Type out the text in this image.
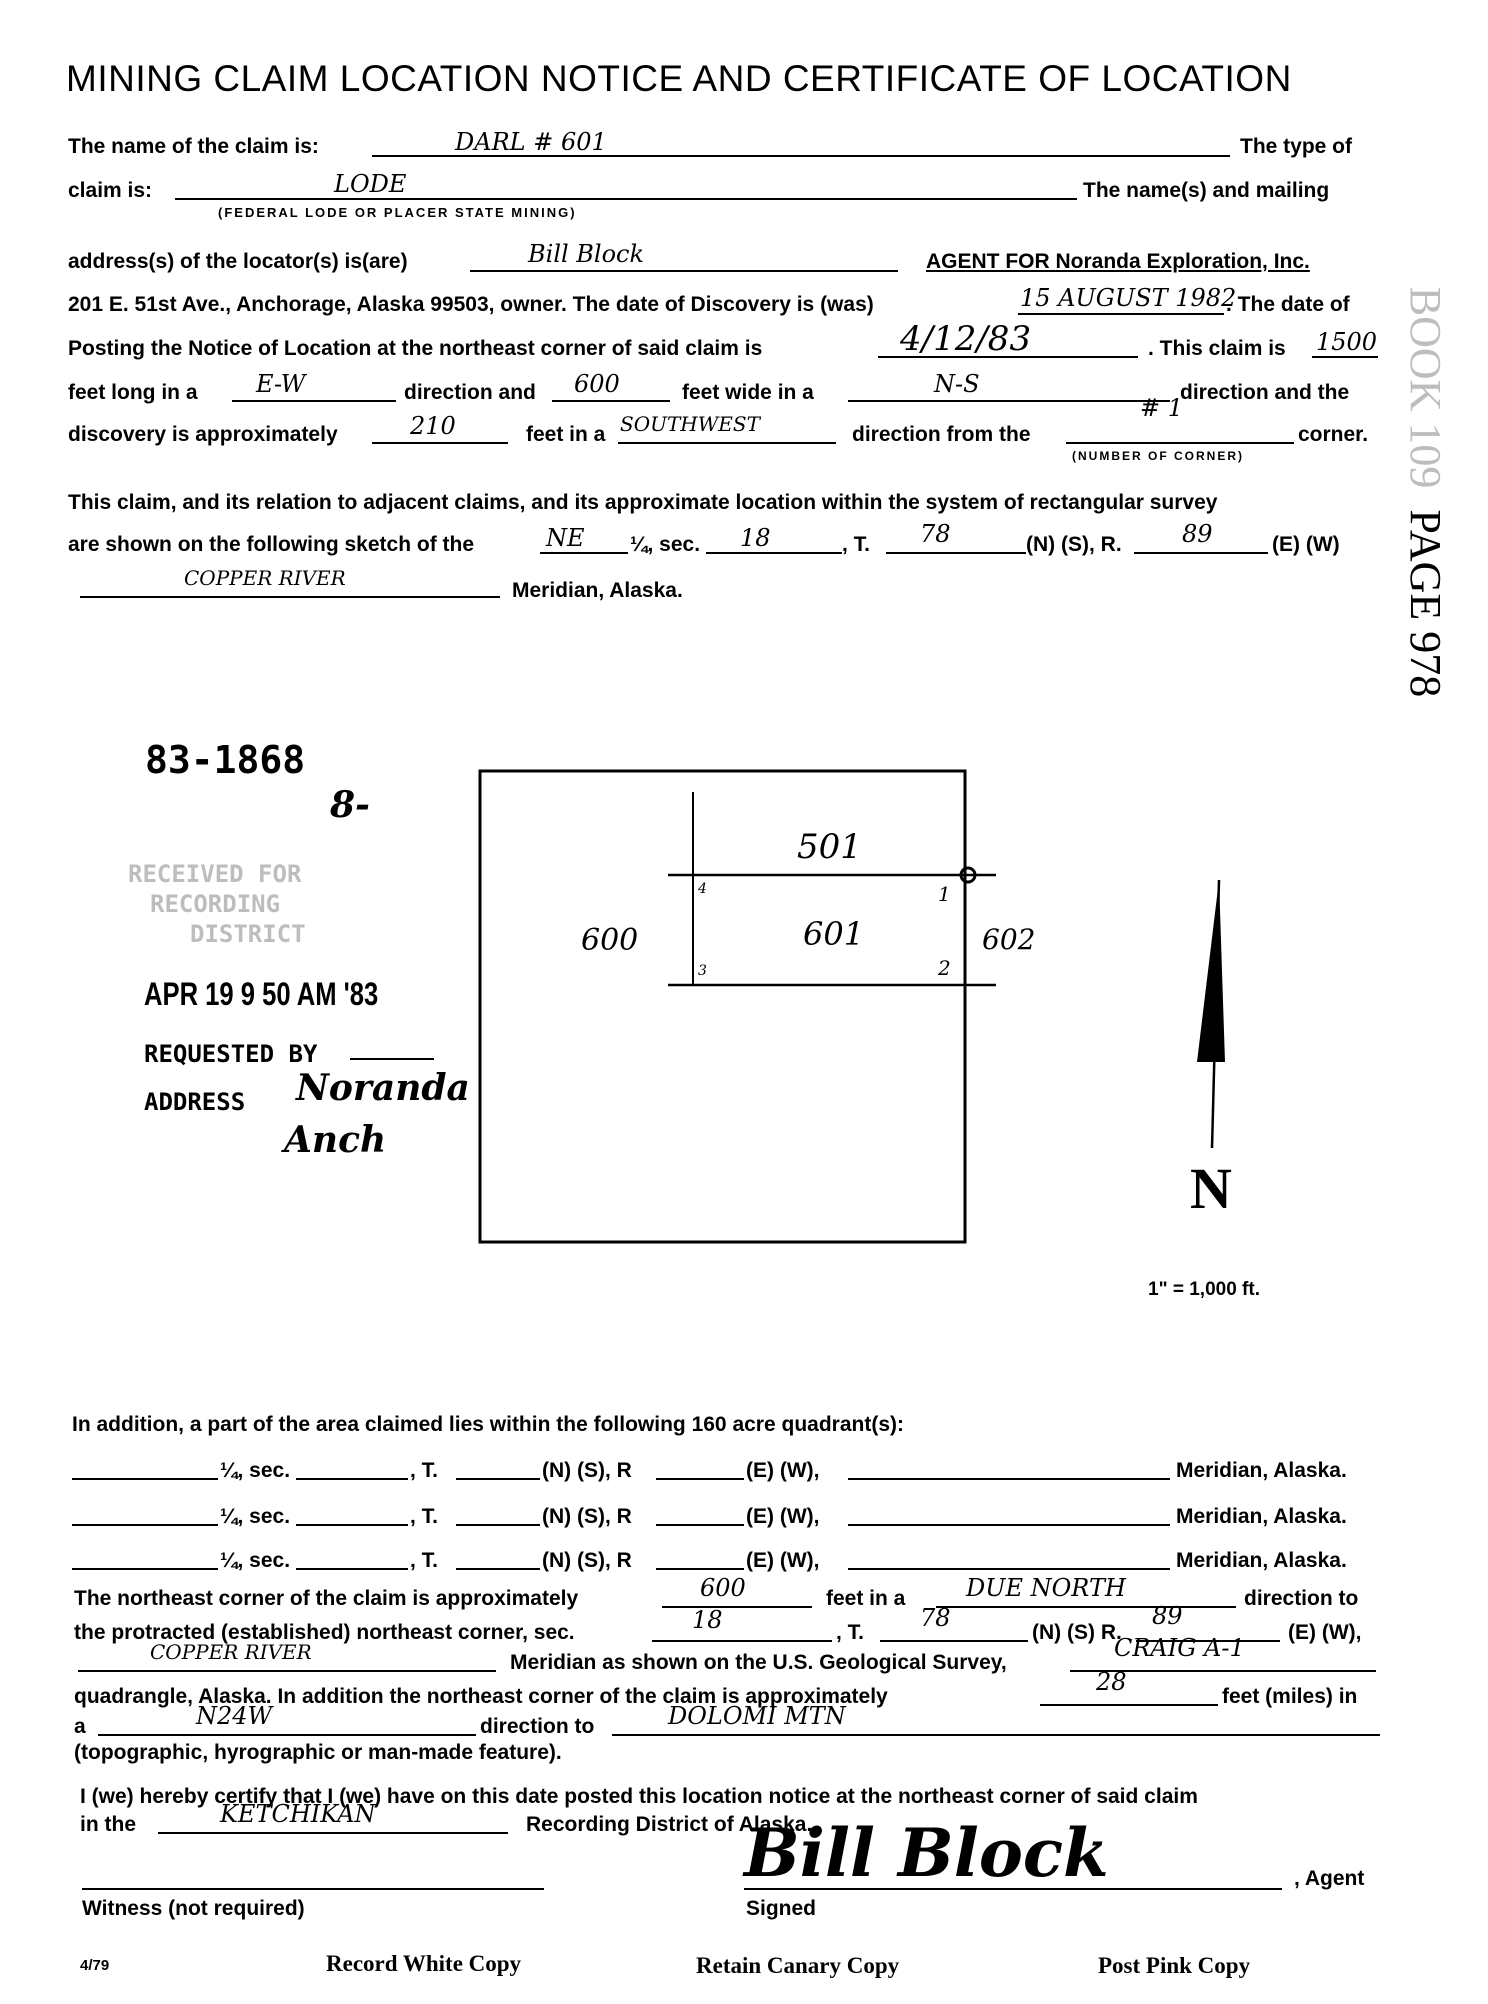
MINING CLAIM LOCATION NOTICE AND CERTIFICATE OF LOCATION
The name of the claim is:	DARL # 601	The type of
claim is:	LODE	The name(s) and mailing
(FEDERAL LODE OR PLACER STATE MINING)
address(s) of the locator(s) is(are)	Bill Block	AGENT FOR Noranda Exploration, Inc.
201 E. 51st Ave., Anchorage, Alaska 99503, owner. The date of Discovery is (was)	15 AUGUST 1982
. The date of
Posting the Notice of Location at the northeast corner of said claim is	4/12/83	. This claim is 1500
feet long in a E-W	direction and 600	feet wide in a	N-S	direction and the
discovery is approximately	210	feet in a SOUTHWEST	direction from the
# 1
corner.
(NUMBER OF CORNER)
This claim, and its relation to adjacent claims, and its approximate location within the system of rectangular survey
are shown on the following sketch of the	NE ¼, sec. 18	, T. 78	(N) (S), R.	89	(E) (W)
COPPER RIVER
Meridian, Alaska.
BOOK 109 PAGE 978
83-1868
8-
RECEIVED FOR
RECORDING
DISTRICT
APR 19 9 50 AM '83
REQUESTED BY
ADDRESS Noranda
Anch
501
600	601	602
1
2
3
4
N
1" = 1,000 ft.
In addition, a part of the area claimed lies within the following 160 acre quadrant(s):
¼, sec.	, T.	(N) (S), R	(E) (W),	Meridian, Alaska.
¼, sec.	, T.	(N) (S), R	(E) (W),	Meridian, Alaska.
¼, sec.	, T.	(N) (S), R	(E) (W),	Meridian, Alaska.
The northeast corner of the claim is approximately	600	feet in a	DUE NORTH	direction to
the protracted (established) northeast corner, sec.	18	, T.
78
(N) (S) R.
89
(E) (W),
COPPER RIVER	Meridian as shown on the U.S. Geological Survey,
CRAIG A-1
quadrangle, Alaska. In addition the northeast corner of the claim is approximately
28
feet (miles) in
a	N24W	direction to	DOLOMI MTN
(topographic, hyrographic or man-made feature).
I (we) hereby certify that I (we) have on this date posted this location notice at the northeast corner of said claim
in the	KETCHIKAN	Recording District of Alaska.
Witness (not required)
Bill Block
Signed
, Agent
4/79	Record White Copy	Retain Canary Copy	Post Pink Copy
